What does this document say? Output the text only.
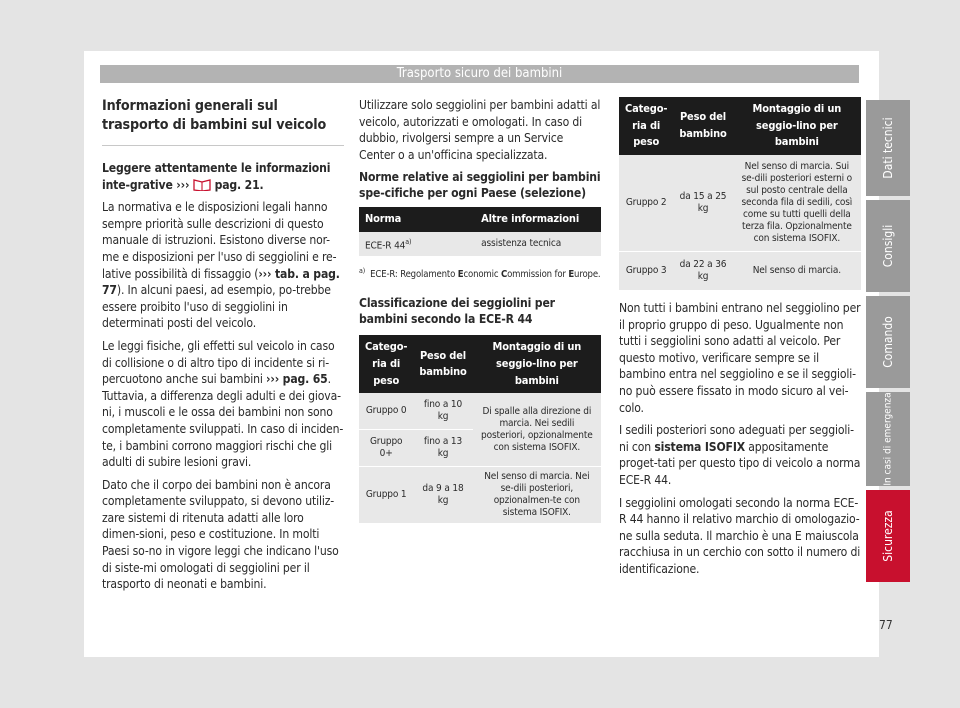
Trasporto sicuro dei bambini
Informazioni generali sul trasporto di bambini sul veicolo

Leggere attentamente le informazioni inte-grative ›››  pag. 21.

La normativa e le disposizioni legali hanno sempre priorità sulle descrizioni di questo manuale di istruzioni. Esistono diverse nor-me e disposizioni per l'uso di seggiolini e re-lative possibilità di fissaggio (››› tab. a pag. 77). In alcuni paesi, ad esempio, po-trebbe essere proibito l'uso di seggiolini in determinati posti del veicolo.

Le leggi fisiche, gli effetti sul veicolo in caso di collisione o di altro tipo di incidente si ri-percuotono anche sui bambini ››› pag. 65. Tuttavia, a differenza degli adulti e dei giova-ni, i muscoli e le ossa dei bambini non sono completamente sviluppati. In caso di inciden-te, i bambini corrono maggiori rischi che gli adulti di subire lesioni gravi.

Dato che il corpo dei bambini non è ancora completamente sviluppato, si devono utiliz-zare sistemi di ritenuta adatti alle loro dimen-sioni, peso e costituzione. In molti Paesi so-no in vigore leggi che indicano l'uso di siste-mi omologati di seggiolini per il trasporto di neonati e bambini.

Utilizzare solo seggiolini per bambini adatti al veicolo, autorizzati e omologati. In caso di dubbio, rivolgersi sempre a un Service Center o a un'officina specializzata.

Norme relative ai seggiolini per bambini spe-cifiche per ogni Paese (selezione)
Norma	Altre informazioni
ECE-R 44$^{a)}$	assistenza tecnica
$^{a)}$ ECE-R: Regolamento Economic Commission for Europe.
Classificazione dei seggiolini per bambini secondo la ECE-R 44
Catego-ria di peso	Peso del bambino	Montaggio di un seggio-lino per bambini
Gruppo 0	fino a 10 kg	Di spalle alla direzione di marcia. Nei sedili posteriori, opzionalmente con sistema ISOFIX.
Gruppo 0+	fino a 13 kg	
Gruppo 1	da 9 a 18 kg	Nel senso di marcia. Nei se-dili posteriori, opzionalmen-te con sistema ISOFIX.
Catego-ria di peso	Peso del bambino	Montaggio di un seggio-lino per bambini
Gruppo 2	da 15 a 25 kg	Nel senso di marcia. Sui se-dili posteriori esterni o sul posto centrale della seconda fila di sedili, così come su tutti quelli della terza fila. Opzionalmente con sistema ISOFIX.
Gruppo 3	da 22 a 36 kg	Nel senso di marcia.

Non tutti i bambini entrano nel seggiolino per il proprio gruppo di peso. Ugualmente non tutti i seggiolini sono adatti al veicolo. Per questo motivo, verificare sempre se il bambino entra nel seggiolino e se il seggioli-no può essere fissato in modo sicuro al vei-colo.

I sedili posteriori sono adeguati per seggioli-ni con sistema ISOFIX appositamente proget-tati per questo tipo di veicolo a norma ECE-R 44.

I seggiolini omologati secondo la norma ECE-R 44 hanno il relativo marchio di omologazio-ne sulla seduta. Il marchio è una E maiuscola racchiusa in un cerchio con sotto il numero di identificazione.

Dati tecnici
Consigli
Comando
In casi di emergenza
Sicurezza
77
